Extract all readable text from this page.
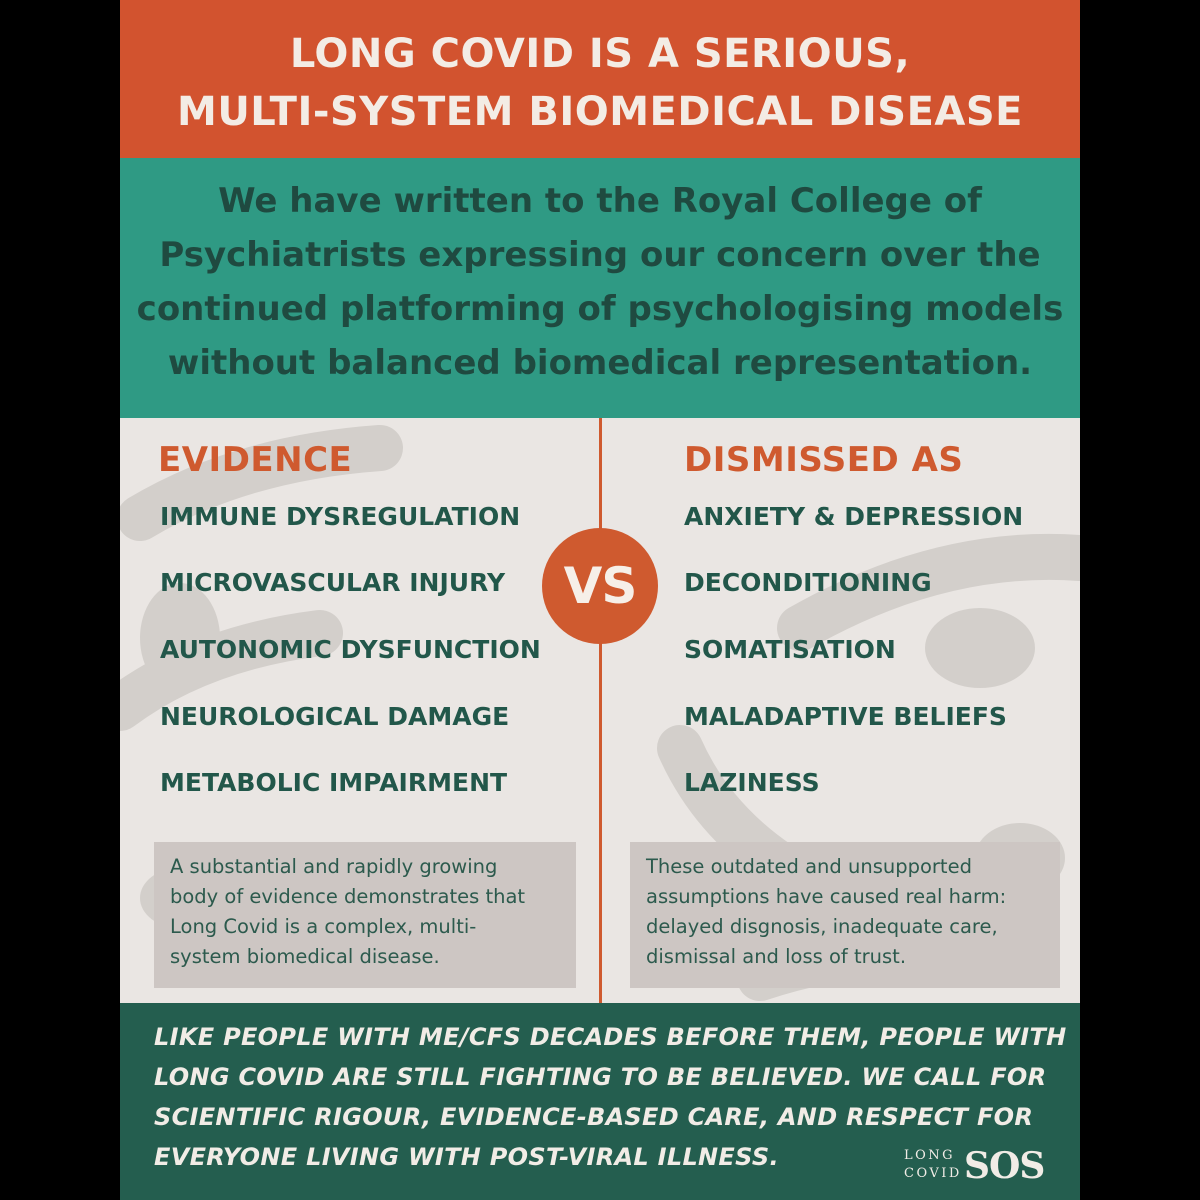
LONG COVID IS A SERIOUS,
MULTI-SYSTEM BIOMEDICAL DISEASE
We have written to the Royal College of
Psychiatrists expressing our concern over the
continued platforming of psychologising models
without balanced biomedical representation.
EVIDENCE
IMMUNE DYSREGULATION
MICROVASCULAR INJURY
AUTONOMIC DYSFUNCTION
NEUROLOGICAL DAMAGE
METABOLIC IMPAIRMENT
VS
DISMISSED AS
ANXIETY & DEPRESSION
DECONDITIONING
SOMATISATION
MALADAPTIVE BELIEFS
LAZINESS
A substantial and rapidly growing
body of evidence demonstrates that
Long Covid is a complex, multi-
system biomedical disease.
These outdated and unsupported
assumptions have caused real harm:
delayed disgnosis, inadequate care,
dismissal and loss of trust.
LIKE PEOPLE WITH ME/CFS DECADES BEFORE THEM, PEOPLE WITH
LONG COVID ARE STILL FIGHTING TO BE BELIEVED. WE CALL FOR
SCIENTIFIC RIGOUR, EVIDENCE-BASED CARE, AND RESPECT FOR
EVERYONE LIVING WITH POST-VIRAL ILLNESS.	LONG
COVID SOS
